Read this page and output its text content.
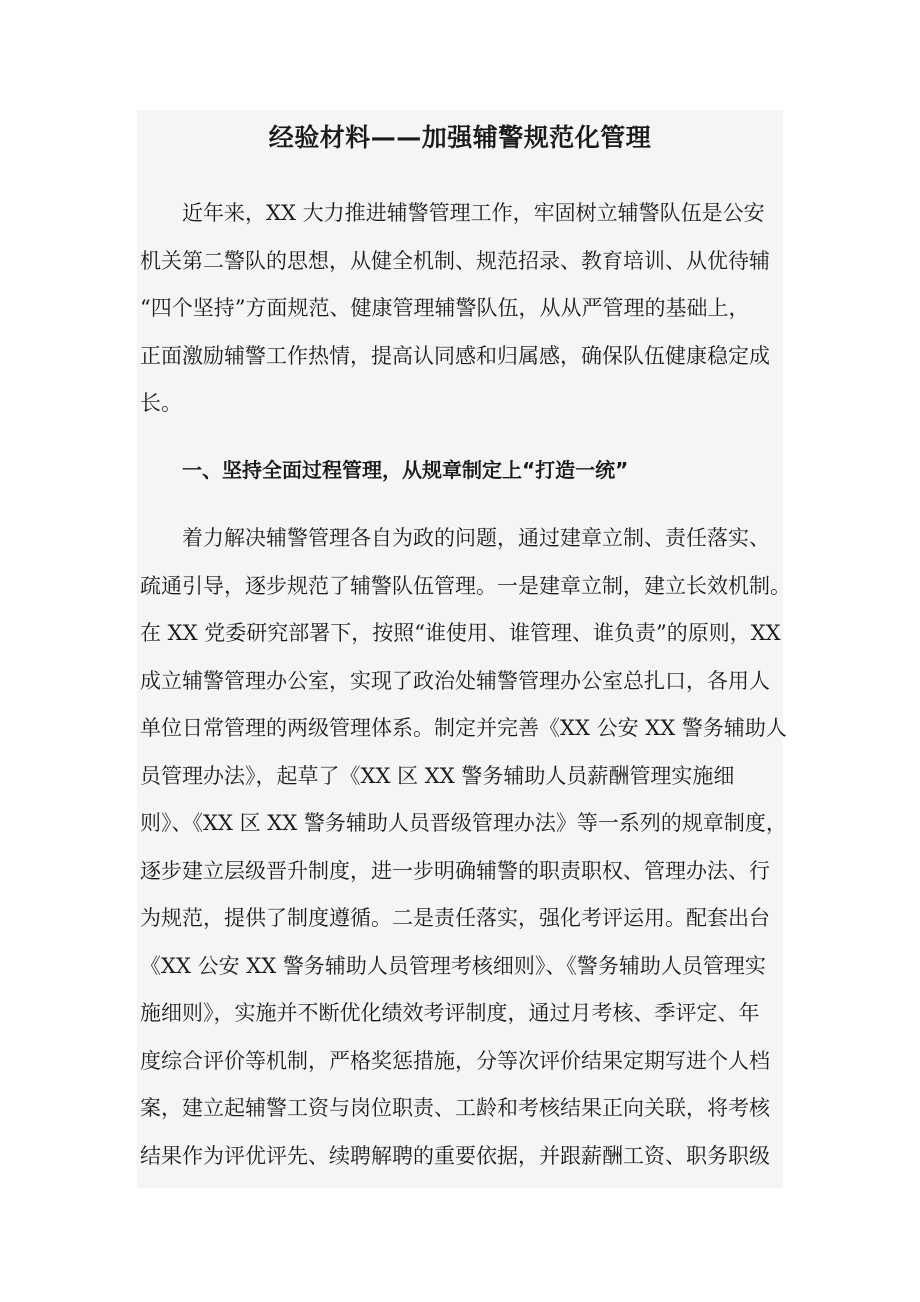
经验材料——加强辅警规范化管理
近年来，XX 大力推进辅警管理工作，牢固树立辅警队伍是公安
机关第二警队的思想，从健全机制、规范招录、教育培训、从优待辅
“四个坚持”方面规范、健康管理辅警队伍，从从严管理的基础上，
正面激励辅警工作热情，提高认同感和归属感，确保队伍健康稳定成
长。
一、坚持全面过程管理，从规章制定上“打造一统”
着力解决辅警管理各自为政的问题，通过建章立制、责任落实、
疏通引导，逐步规范了辅警队伍管理。一是建章立制，建立长效机制。
在 XX 党委研究部署下，按照“谁使用、谁管理、谁负责”的原则，XX
成立辅警管理办公室，实现了政治处辅警管理办公室总扎口，各用人
单位日常管理的两级管理体系。制定并完善《XX 公安 XX 警务辅助人
员管理办法》，起草了《XX 区 XX 警务辅助人员薪酬管理实施细
则》、《XX 区 XX 警务辅助人员晋级管理办法》等一系列的规章制度，
逐步建立层级晋升制度，进一步明确辅警的职责职权、管理办法、行
为规范，提供了制度遵循。二是责任落实，强化考评运用。配套出台
《XX 公安 XX 警务辅助人员管理考核细则》、《警务辅助人员管理实
施细则》，实施并不断优化绩效考评制度，通过月考核、季评定、年
度综合评价等机制，严格奖惩措施，分等次评价结果定期写进个人档
案，建立起辅警工资与岗位职责、工龄和考核结果正向关联，将考核
结果作为评优评先、续聘解聘的重要依据，并跟薪酬工资、职务职级
